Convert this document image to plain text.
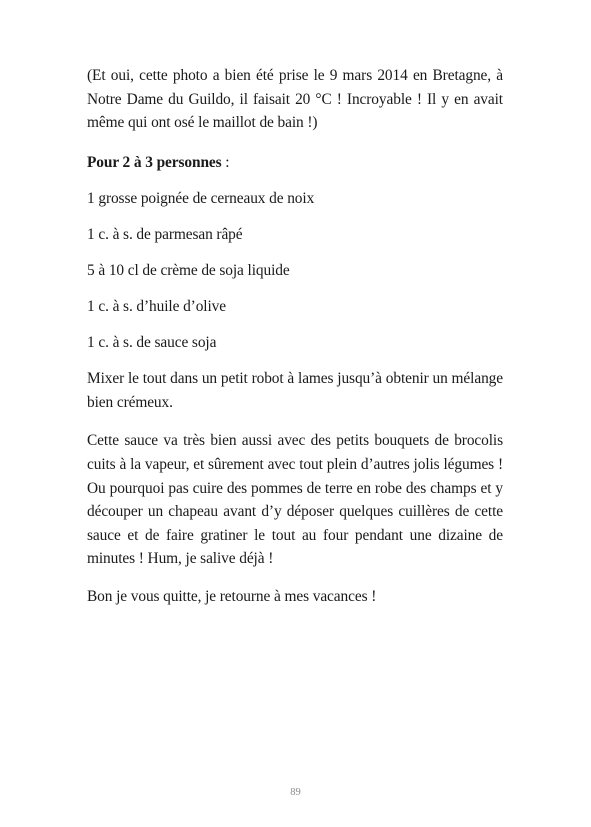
(Et oui, cette photo a bien été prise le 9 mars 2014 en Bretagne, à Notre Dame du Guildo, il faisait 20 °C ! Incroyable ! Il y en avait même qui ont osé le maillot de bain !)

Pour 2 à 3 personnes :

1 grosse poignée de cerneaux de noix

1 c. à s. de parmesan râpé

5 à 10 cl de crème de soja liquide

1 c. à s. d’huile d’olive

1 c. à s. de sauce soja

Mixer le tout dans un petit robot à lames jusqu’à obtenir un mélange bien crémeux.

Cette sauce va très bien aussi avec des petits bouquets de brocolis cuits à la vapeur, et sûrement avec tout plein d’autres jolis légumes ! Ou pourquoi pas cuire des pommes de terre en robe des champs et y découper un chapeau avant d’y déposer quelques cuillères de cette sauce et de faire gratiner le tout au four pendant une dizaine de minutes ! Hum, je salive déjà !

Bon je vous quitte, je retourne à mes vacances !

89
